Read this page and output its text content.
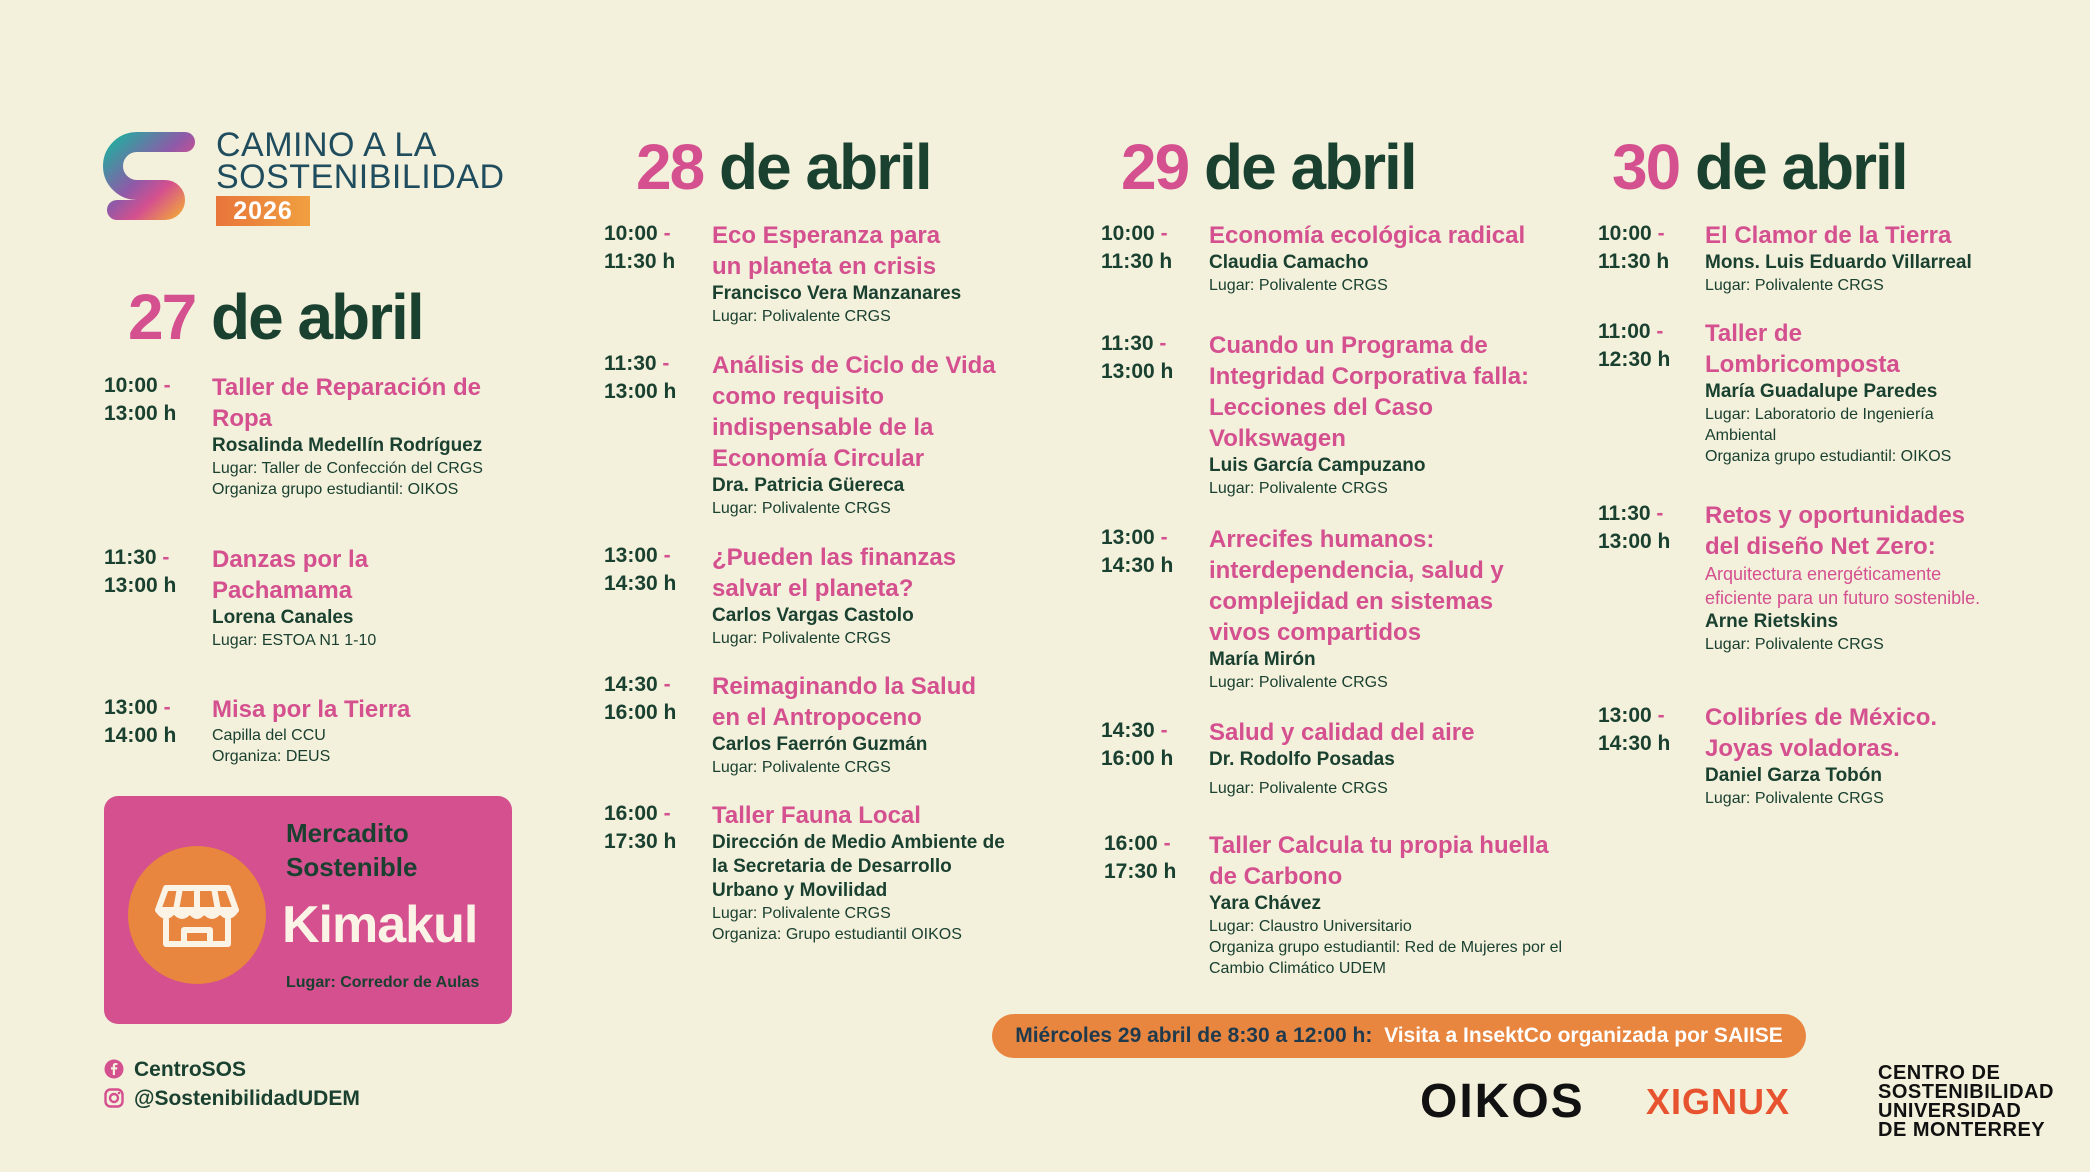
CAMINO A LA
SOSTENIBILIDAD
2026
27 de abril
28 de abril	29 de abril	30 de abril
10:00 -
13:00 h
Taller de Reparación de Ropa
Rosalinda Medellín Rodríguez
Lugar: Taller de Confección del CRGS
Organiza grupo estudiantil: OIKOS
11:30 -
13:00 h
Danzas por la Pachamama
Lorena Canales
Lugar: ESTOA N1 1-10
13:00 -
14:00 h
Misa por la Tierra
Capilla del CCU
Organiza: DEUS
10:00 -
11:30 h
Eco Esperanza para un planeta en crisis
Francisco Vera Manzanares
Lugar: Polivalente CRGS
11:30 -
13:00 h
Análisis de Ciclo de Vida como requisito indispensable de la Economía Circular
Dra. Patricia Güereca
Lugar: Polivalente CRGS
13:00 -
14:30 h
¿Pueden las finanzas salvar el planeta?
Carlos Vargas Castolo
Lugar: Polivalente CRGS
14:30 -
16:00 h
Reimaginando la Salud en el Antropoceno
Carlos Faerrón Guzmán
Lugar: Polivalente CRGS
16:00 -
17:30 h
Taller Fauna Local
Dirección de Medio Ambiente de la Secretaria de Desarrollo Urbano y Movilidad
Lugar: Polivalente CRGS
Organiza: Grupo estudiantil OIKOS
10:00 -
11:30 h
Economía ecológica radical
Claudia Camacho
Lugar: Polivalente CRGS
11:30 -
13:00 h
Cuando un Programa de Integridad Corporativa falla: Lecciones del Caso Volkswagen
Luis García Campuzano
Lugar: Polivalente CRGS
13:00 -
14:30 h
Arrecifes humanos: interdependencia, salud y complejidad en sistemas vivos compartidos
María Mirón
Lugar: Polivalente CRGS
14:30 -
16:00 h
Salud y calidad del aire
Dr. Rodolfo Posadas
Lugar: Polivalente CRGS
16:00 -
17:30 h
Taller Calcula tu propia huella de Carbono
Yara Chávez
Lugar: Claustro Universitario
Organiza grupo estudiantil: Red de Mujeres por el Cambio Climático UDEM
10:00 -
11:30 h
El Clamor de la Tierra
Mons. Luis Eduardo Villarreal
Lugar: Polivalente CRGS
11:00 -
12:30 h
Taller de Lombricomposta
María Guadalupe Paredes
Lugar: Laboratorio de Ingeniería Ambiental
Organiza grupo estudiantil: OIKOS
11:30 -
13:00 h
Retos y oportunidades del diseño Net Zero:
Arquitectura energéticamente eficiente para un futuro sostenible.
Arne Rietskins
Lugar: Polivalente CRGS
13:00 -
14:30 h
Colibríes de México. Joyas voladoras.
Daniel Garza Tobón
Lugar: Polivalente CRGS
Mercadito
Sostenible
Kimakul
Lugar: Corredor de Aulas
CentroSOS
@SostenibilidadUDEM
Miércoles 29 abril de 8:30 a 12:00 h: Visita a InsektCo organizada por SAIISE
OIKOS XIGNUX
CENTRO DE
SOSTENIBILIDAD
UNIVERSIDAD
DE MONTERREY
